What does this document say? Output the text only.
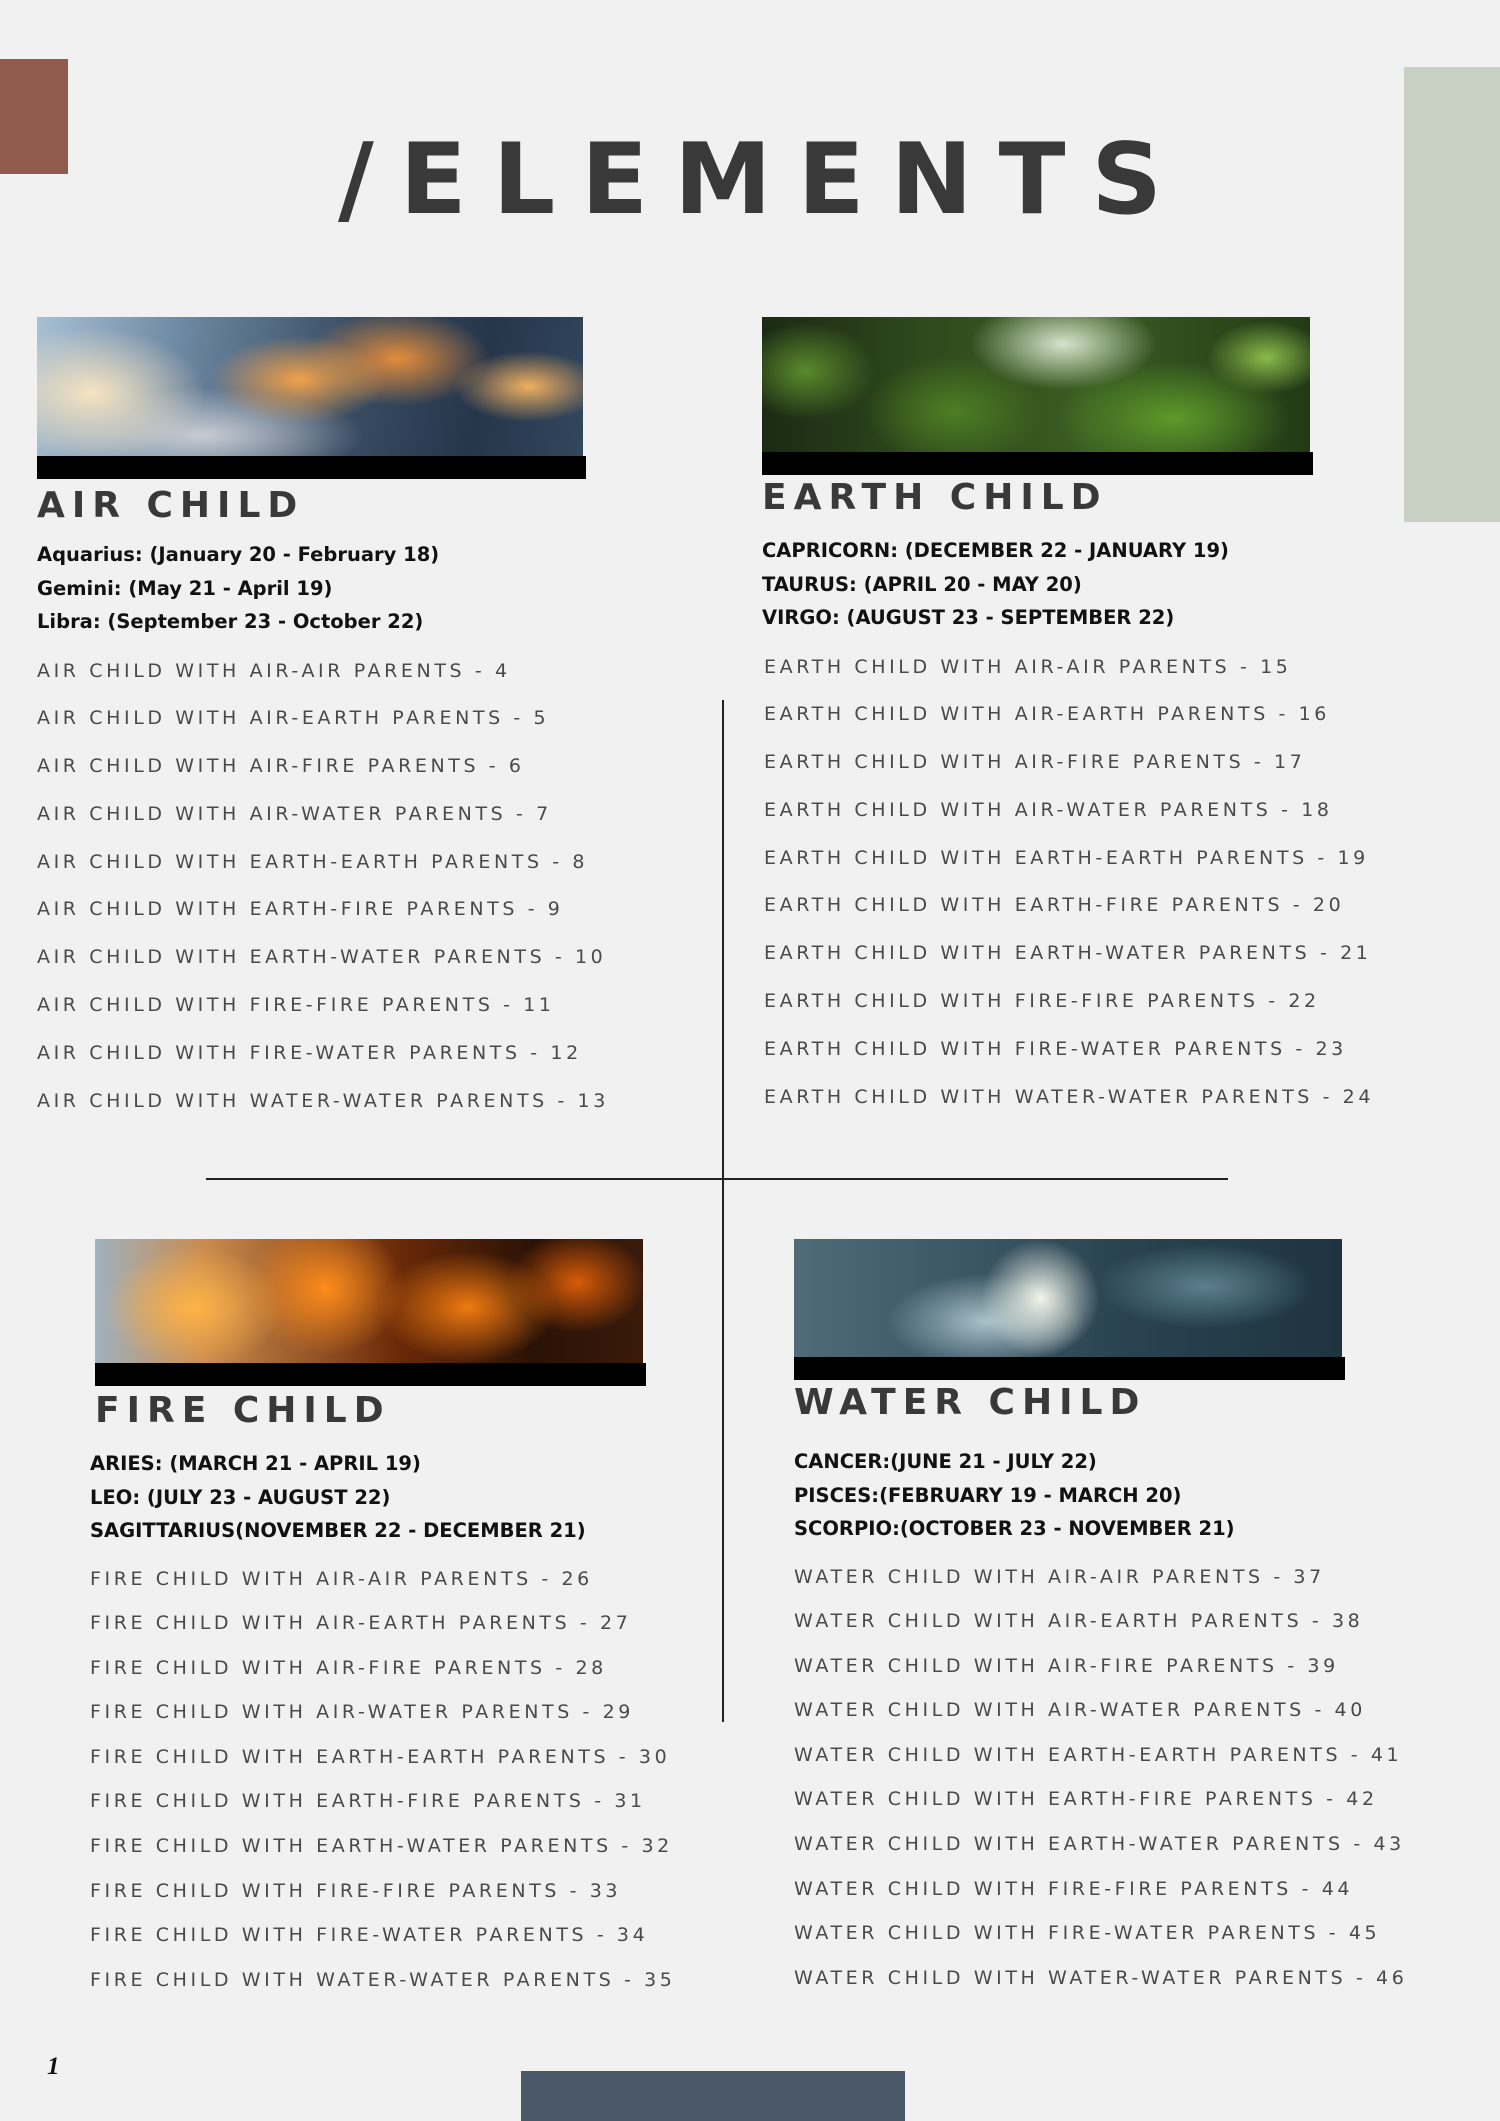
/ELEMENTS
AIR CHILD
Aquarius: (January 20 - February 18)
Gemini: (May 21 - April 19)
Libra: (September 23 - October 22)
AIR CHILD WITH AIR-AIR PARENTS - 4
AIR CHILD WITH AIR-EARTH PARENTS - 5
AIR CHILD WITH AIR-FIRE PARENTS - 6
AIR CHILD WITH AIR-WATER PARENTS - 7
AIR CHILD WITH EARTH-EARTH PARENTS - 8
AIR CHILD WITH EARTH-FIRE PARENTS - 9
AIR CHILD WITH EARTH-WATER PARENTS - 10
AIR CHILD WITH FIRE-FIRE PARENTS - 11
AIR CHILD WITH FIRE-WATER PARENTS - 12
AIR CHILD WITH WATER-WATER PARENTS - 13
EARTH CHILD
CAPRICORN: (DECEMBER 22 - JANUARY 19)
TAURUS: (APRIL 20 - MAY 20)
VIRGO: (AUGUST 23 - SEPTEMBER 22)
EARTH CHILD WITH AIR-AIR PARENTS - 15
EARTH CHILD WITH AIR-EARTH PARENTS - 16
EARTH CHILD WITH AIR-FIRE PARENTS - 17
EARTH CHILD WITH AIR-WATER PARENTS - 18
EARTH CHILD WITH EARTH-EARTH PARENTS - 19
EARTH CHILD WITH EARTH-FIRE PARENTS - 20
EARTH CHILD WITH EARTH-WATER PARENTS - 21
EARTH CHILD WITH FIRE-FIRE PARENTS - 22
EARTH CHILD WITH FIRE-WATER PARENTS - 23
EARTH CHILD WITH WATER-WATER PARENTS - 24
FIRE CHILD
ARIES: (MARCH 21 - APRIL 19)
LEO: (JULY 23 - AUGUST 22)
SAGITTARIUS(NOVEMBER 22 - DECEMBER 21)
FIRE CHILD WITH AIR-AIR PARENTS - 26
FIRE CHILD WITH AIR-EARTH PARENTS - 27
FIRE CHILD WITH AIR-FIRE PARENTS - 28
FIRE CHILD WITH AIR-WATER PARENTS - 29
FIRE CHILD WITH EARTH-EARTH PARENTS - 30
FIRE CHILD WITH EARTH-FIRE PARENTS - 31
FIRE CHILD WITH EARTH-WATER PARENTS - 32
FIRE CHILD WITH FIRE-FIRE PARENTS - 33
FIRE CHILD WITH FIRE-WATER PARENTS - 34
FIRE CHILD WITH WATER-WATER PARENTS - 35
WATER CHILD
CANCER:(JUNE 21 - JULY 22)
PISCES:(FEBRUARY 19 - MARCH 20)
SCORPIO:(OCTOBER 23 - NOVEMBER 21)
WATER CHILD WITH AIR-AIR PARENTS - 37
WATER CHILD WITH AIR-EARTH PARENTS - 38
WATER CHILD WITH AIR-FIRE PARENTS - 39
WATER CHILD WITH AIR-WATER PARENTS - 40
WATER CHILD WITH EARTH-EARTH PARENTS - 41
WATER CHILD WITH EARTH-FIRE PARENTS - 42
WATER CHILD WITH EARTH-WATER PARENTS - 43
WATER CHILD WITH FIRE-FIRE PARENTS - 44
WATER CHILD WITH FIRE-WATER PARENTS - 45
WATER CHILD WITH WATER-WATER PARENTS - 46
1
